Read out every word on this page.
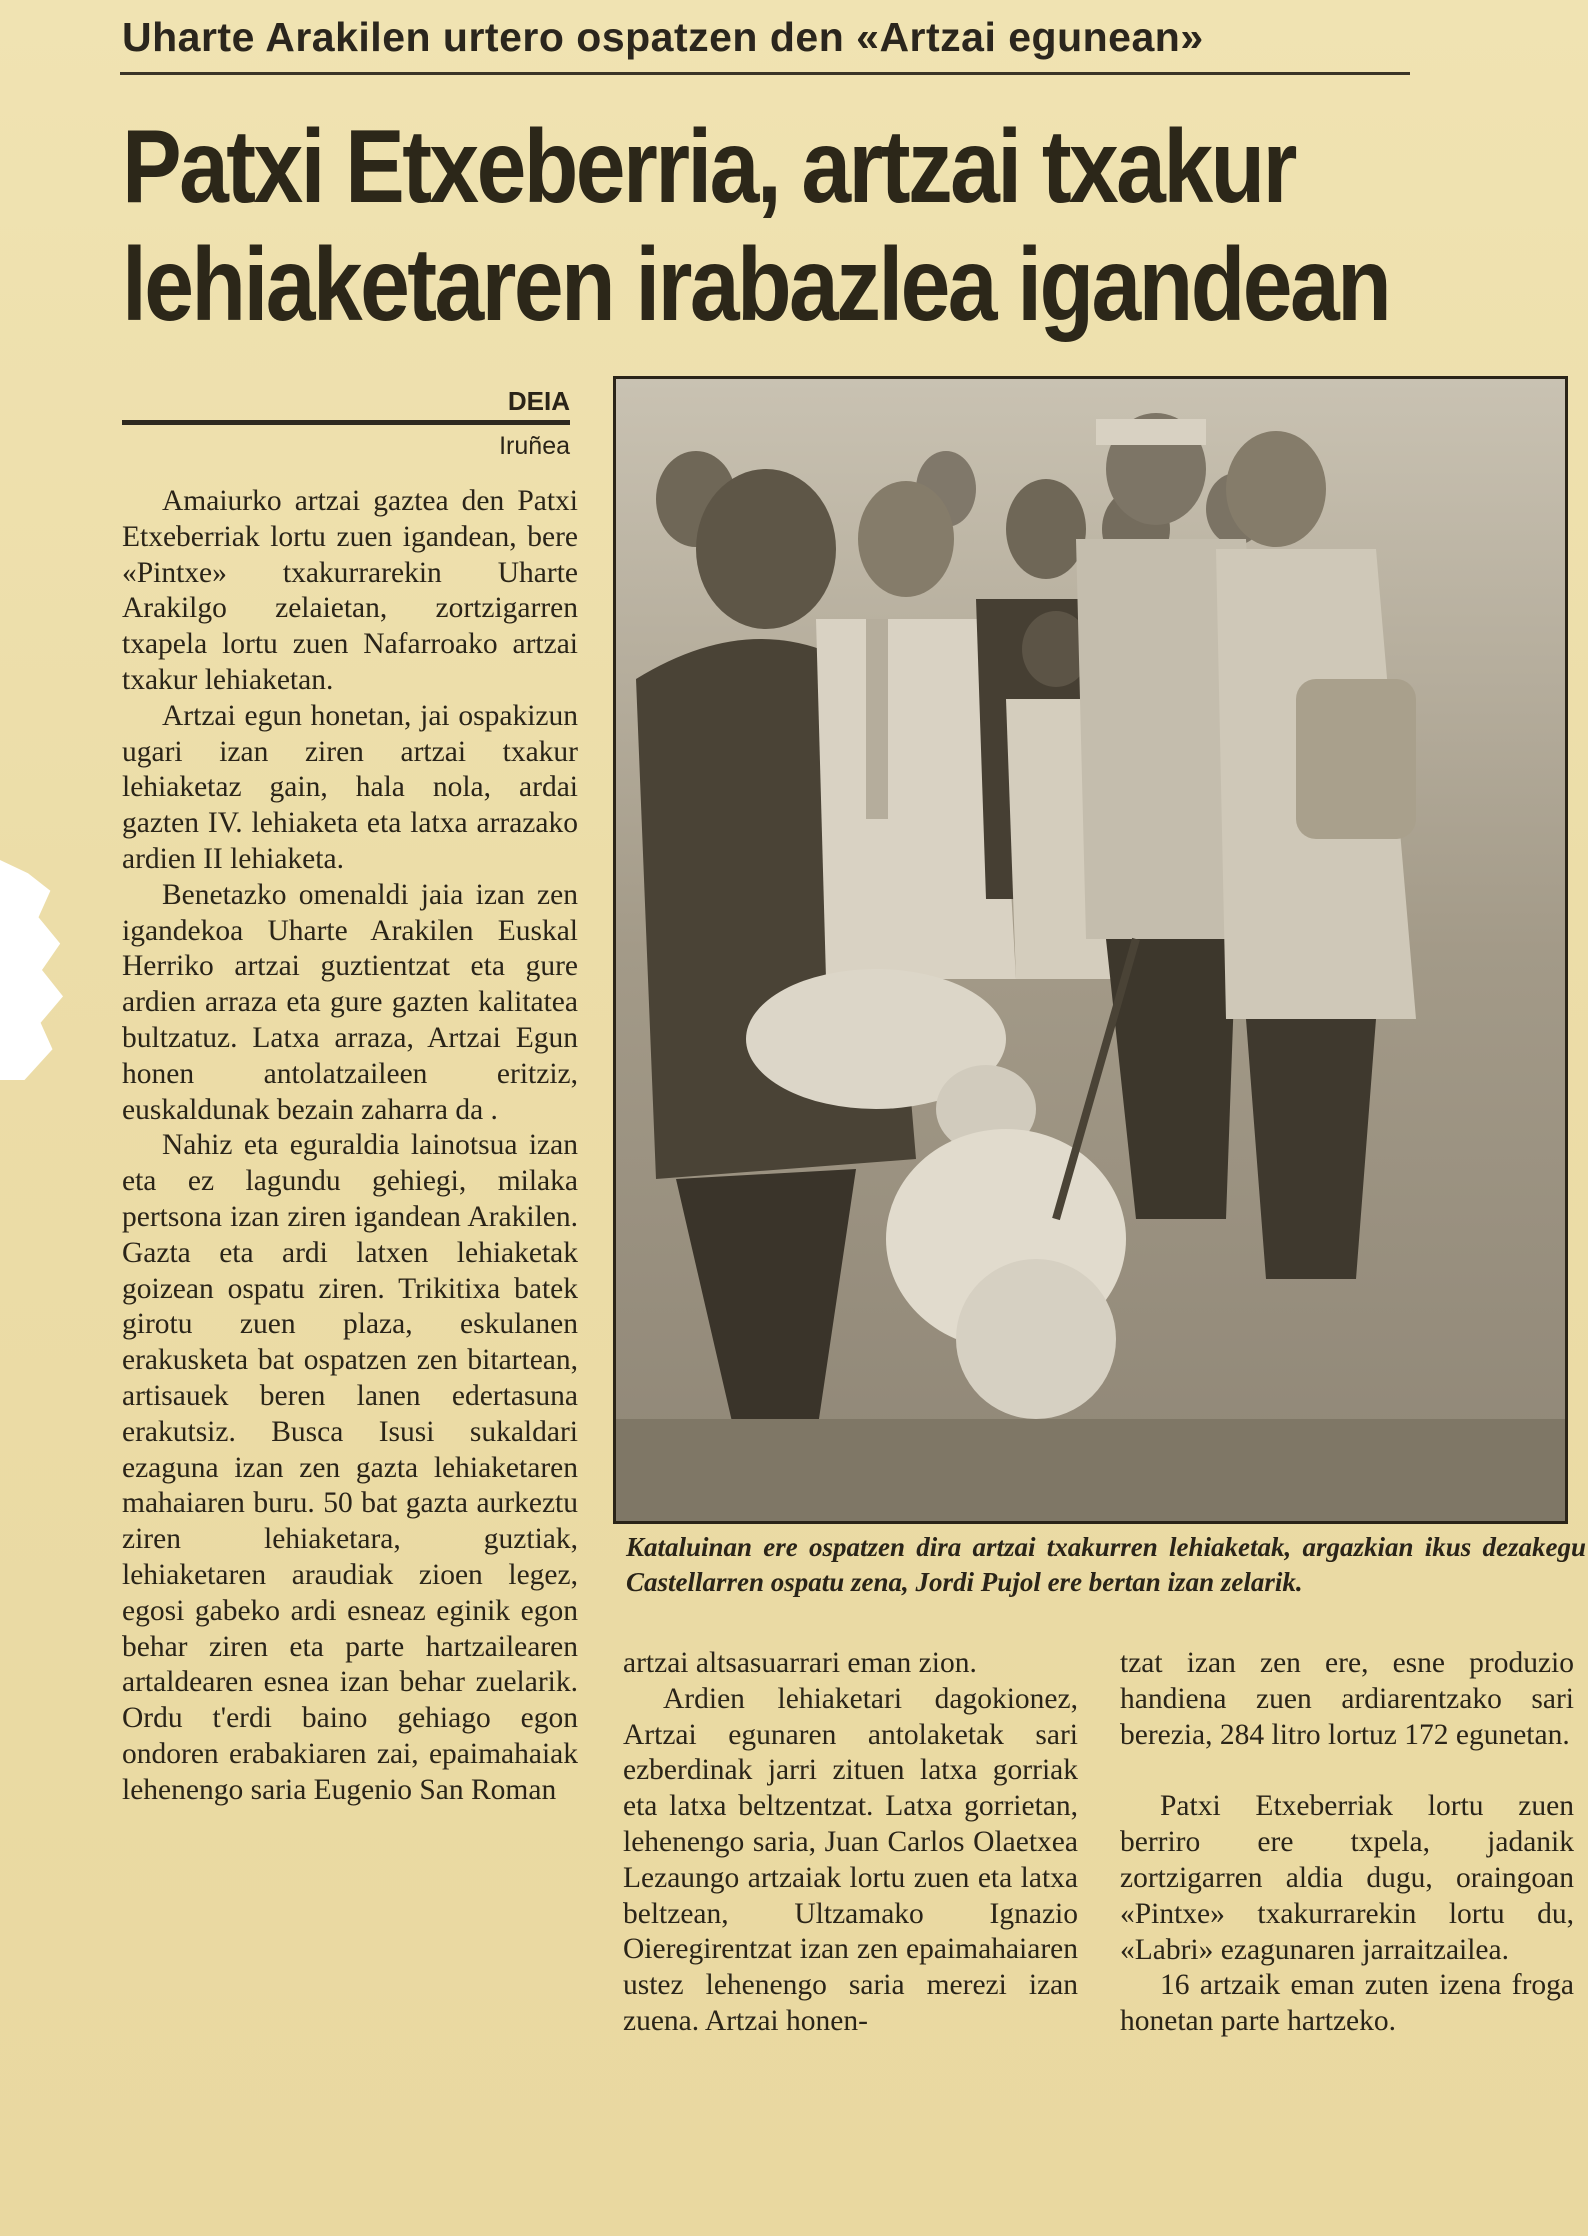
Uharte Arakilen urtero ospatzen den «Artzai egunean»
Patxi Etxeberria, artzai txakur
lehiaketaren irabazlea igandean
DEIA
Iruñea

Amaiurko artzai gaztea den Patxi Etxeberriak lortu zuen igandean, bere «Pintxe» txakurrarekin Uharte Arakilgo zelaietan, zortzigarren txapela lortu zuen Nafarroako artzai txakur lehiaketan.

Artzai egun honetan, jai ospakizun ugari izan ziren artzai txakur lehiaketaz gain, hala nola, ardai gazten IV. lehiaketa eta latxa arrazako ardien II lehiaketa.

Benetazko omenaldi jaia izan zen igandekoa Uharte Arakilen Euskal Herriko artzai guztientzat eta gure ardien arraza eta gure gazten kalitatea bultzatuz. Latxa arraza, Artzai Egun honen antolatzaileen eritziz, euskaldunak bezain zaharra da .

Nahiz eta eguraldia lainotsua izan eta ez lagundu gehiegi, milaka pertsona izan ziren igandean Arakilen. Gazta eta ardi latxen lehiaketak goizean ospatu ziren. Trikitixa batek girotu zuen plaza, eskulanen erakusketa bat ospatzen zen bitartean, artisauek beren lanen edertasuna erakutsiz. Busca Isusi sukaldari ezaguna izan zen gazta lehiaketaren mahaiaren buru. 50 bat gazta aurkeztu ziren lehiaketara, guztiak, lehiaketaren araudiak zioen legez, egosi gabeko ardi esneaz eginik egon behar ziren eta parte hartzailearen artaldearen esnea izan behar zuelarik. Ordu t'erdi baino gehiago egon ondoren erabakiaren zai, epaimahaiak lehenengo saria Eugenio San Roman

Kataluinan ere ospatzen dira artzai txakurren lehiaketak, argazkian ikus dezakegu Castellarren ospatu zena, Jordi Pujol ere bertan izan zelarik.

artzai altsasuarrari eman zion.

Ardien lehiaketari dagokionez, Artzai egunaren antolaketak sari ezberdinak jarri zituen latxa gorriak eta latxa beltzentzat. Latxa gorrietan, lehenengo saria, Juan Carlos Olaetxea Lezaungo artzaiak lortu zuen eta latxa beltzean, Ultzamako Ignazio Oieregirentzat izan zen epaimahaiaren ustez lehenengo saria merezi izan zuena. Artzai honen-

tzat izan zen ere, esne produzio handiena zuen ardiarentzako sari berezia, 284 litro lortuz 172 egunetan.

Patxi Etxeberriak lortu zuen berriro ere txpela, jadanik zortzigarren aldia dugu, oraingoan «Pintxe» txakurrarekin lortu du, «Labri» ezagunaren jarraitzailea.

16 artzaik eman zuten izena froga honetan parte hartzeko.
